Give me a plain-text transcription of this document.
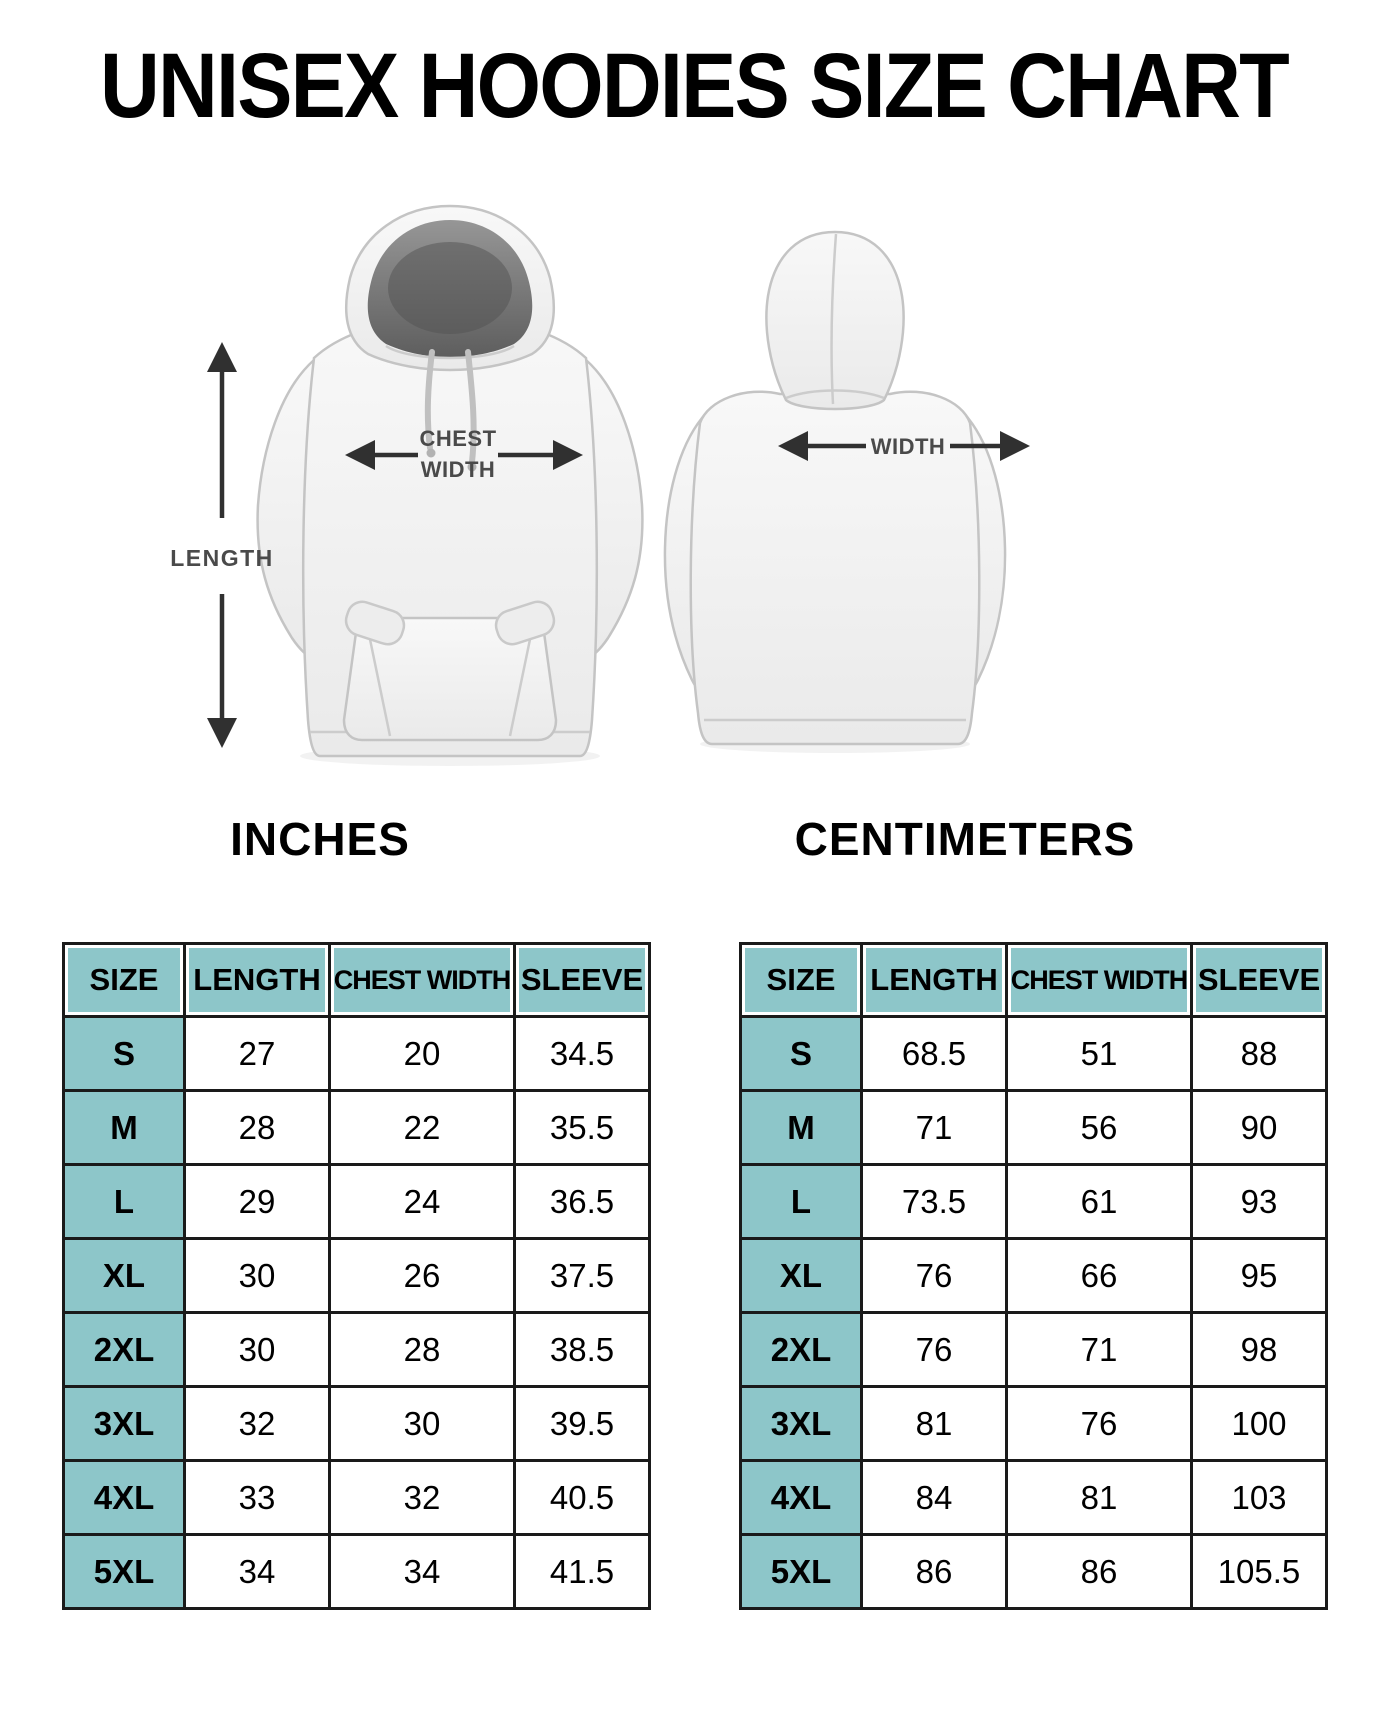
UNISEX HOODIES SIZE CHART
LENGTH
CHEST
WIDTH
WIDTH
INCHES	CENTIMETERS
SIZE	LENGTH	CHEST WIDTH	SLEEVE
S	27	20	34.5
M	28	22	35.5
L	29	24	36.5
XL	30	26	37.5
2XL	30	28	38.5
3XL	32	30	39.5
4XL	33	32	40.5
5XL	34	34	41.5
SIZE	LENGTH	CHEST WIDTH	SLEEVE
S	68.5	51	88
M	71	56	90
L	73.5	61	93
XL	76	66	95
2XL	76	71	98
3XL	81	76	100
4XL	84	81	103
5XL	86	86	105.5
